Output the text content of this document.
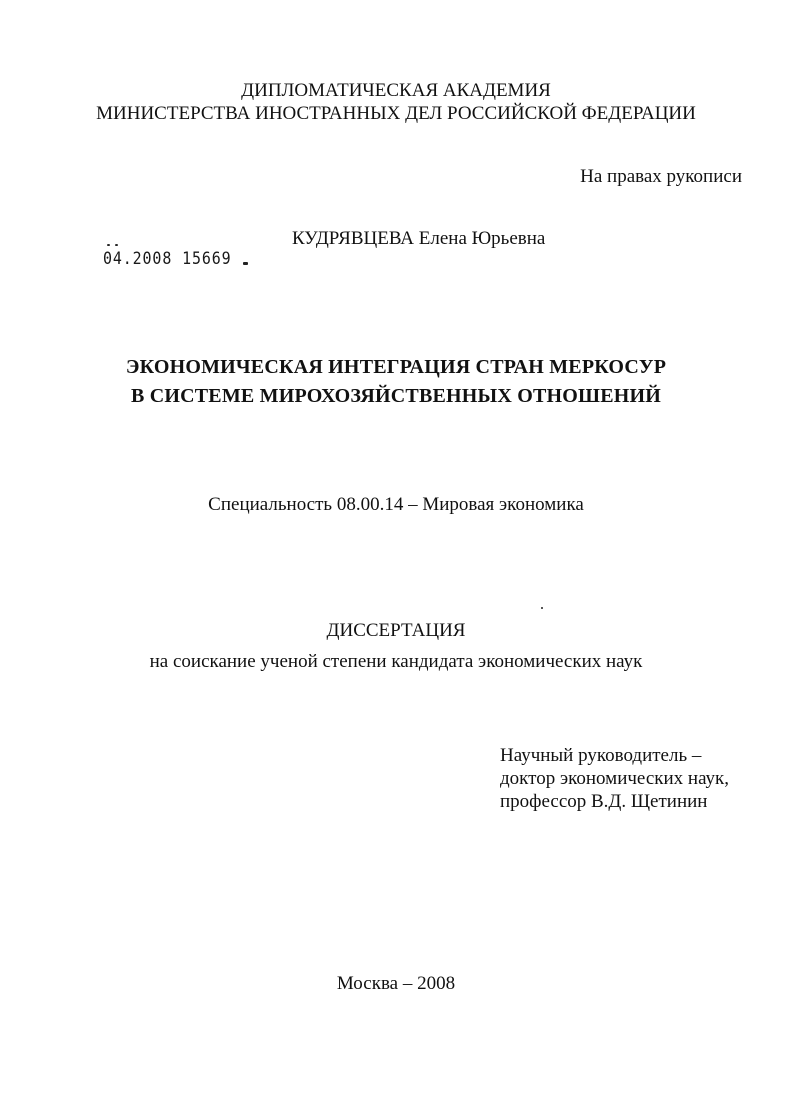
ДИПЛОМАТИЧЕСКАЯ АКАДЕМИЯ
МИНИСТЕРСТВА ИНОСТРАННЫХ ДЕЛ РОССИЙСКОЙ ФЕДЕРАЦИИ
На правах рукописи
КУДРЯВЦЕВА Елена Юрьевна
04.2008 15669
ЭКОНОМИЧЕСКАЯ ИНТЕГРАЦИЯ СТРАН МЕРКОСУР
В СИСТЕМЕ МИРОХОЗЯЙСТВЕННЫХ ОТНОШЕНИЙ
Специальность 08.00.14 – Мировая экономика
ДИССЕРТАЦИЯ
на соискание ученой степени кандидата экономических наук
Научный руководитель –
доктор экономических наук,
профессор В.Д. Щетинин
Москва – 2008
